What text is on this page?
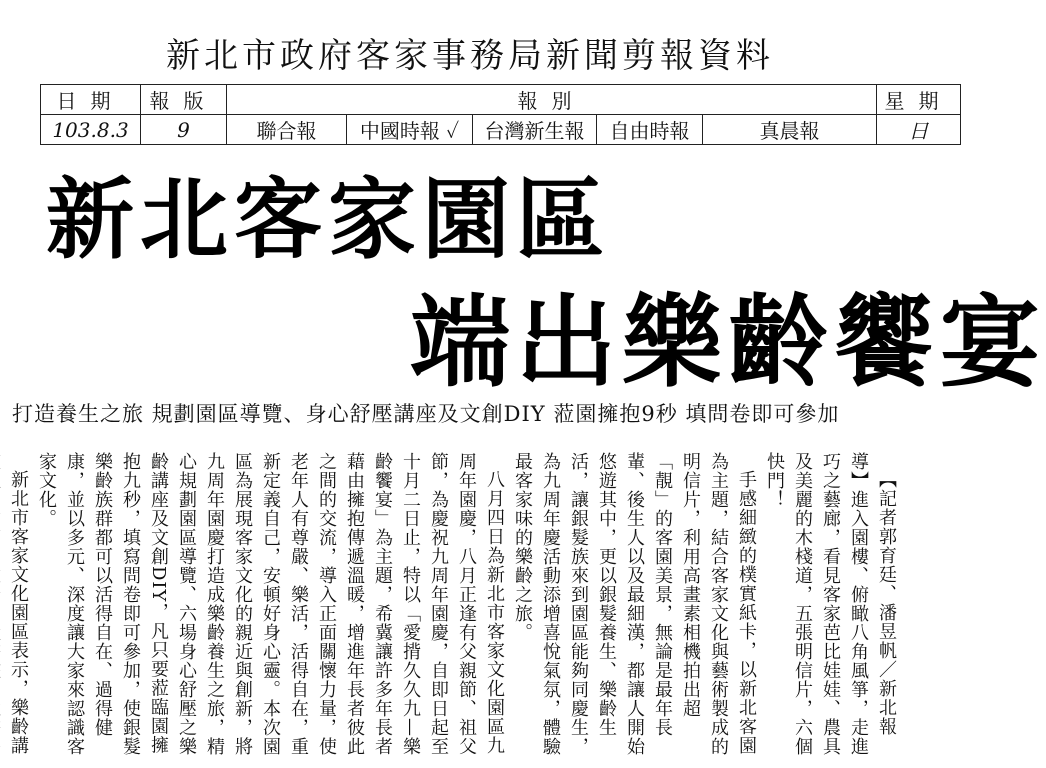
新北市政府客家事務局新聞剪報資料
日期	報版	報別					星期
103.8.3	9	聯合報	中國時報 ✓	台灣新生報	自由時報	真晨報	日
新北客家園區
端出樂齡饗宴
打造養生之旅 規劃園區導覽、身心舒壓講座及文創DIY 蒞園擁抱9秒 填問卷即可參加

【記者郭育廷、潘昱帆／新北報導】進入園樓、俯瞰八角風箏，走進巧之藝廊，看見客家芭比娃娃、農具及美麗的木棧道，五張明信片，六個快門！

手感細緻的樸實紙卡，以新北客園為主題，結合客家文化與藝術製成的明信片，利用高畫素相機拍出超「靚」的客園美景，無論是最年長輩、後生人以及最細漢，都讓人開始悠遊其中，更以銀髮養生、樂齡生活，讓銀髮族來到園區能夠同慶生，為九周年慶活動添增喜悅氣氛，體驗最客家味的樂齡之旅。

八月四日為新北市客家文化園區九周年園慶，八月正逢有父親節、祖父節，為慶祝九周年園慶，自即日起至十月二日止，特以「愛揹久久九—樂齡饗宴」為主題，希冀讓許多年長者藉由擁抱傳遞溫暖，增進年長者彼此之間的交流，導入正面關懷力量，使老年人有尊嚴、樂活，活得自在，重新定義自己，安頓好身心靈。本次園區為展現客家文化的親近與創新，將九周年園慶打造成樂齡養生之旅，精心規劃園區導覽、六場身心舒壓之樂齡講座及文創DIY，凡只要蒞臨園擁抱九秒，填寫問卷即可參加，使銀髮樂齡族群都可以活得自在、過得健康，並以多元、深度讓大家來認識客家文化。

新北市客家文化園區表示，樂齡講
